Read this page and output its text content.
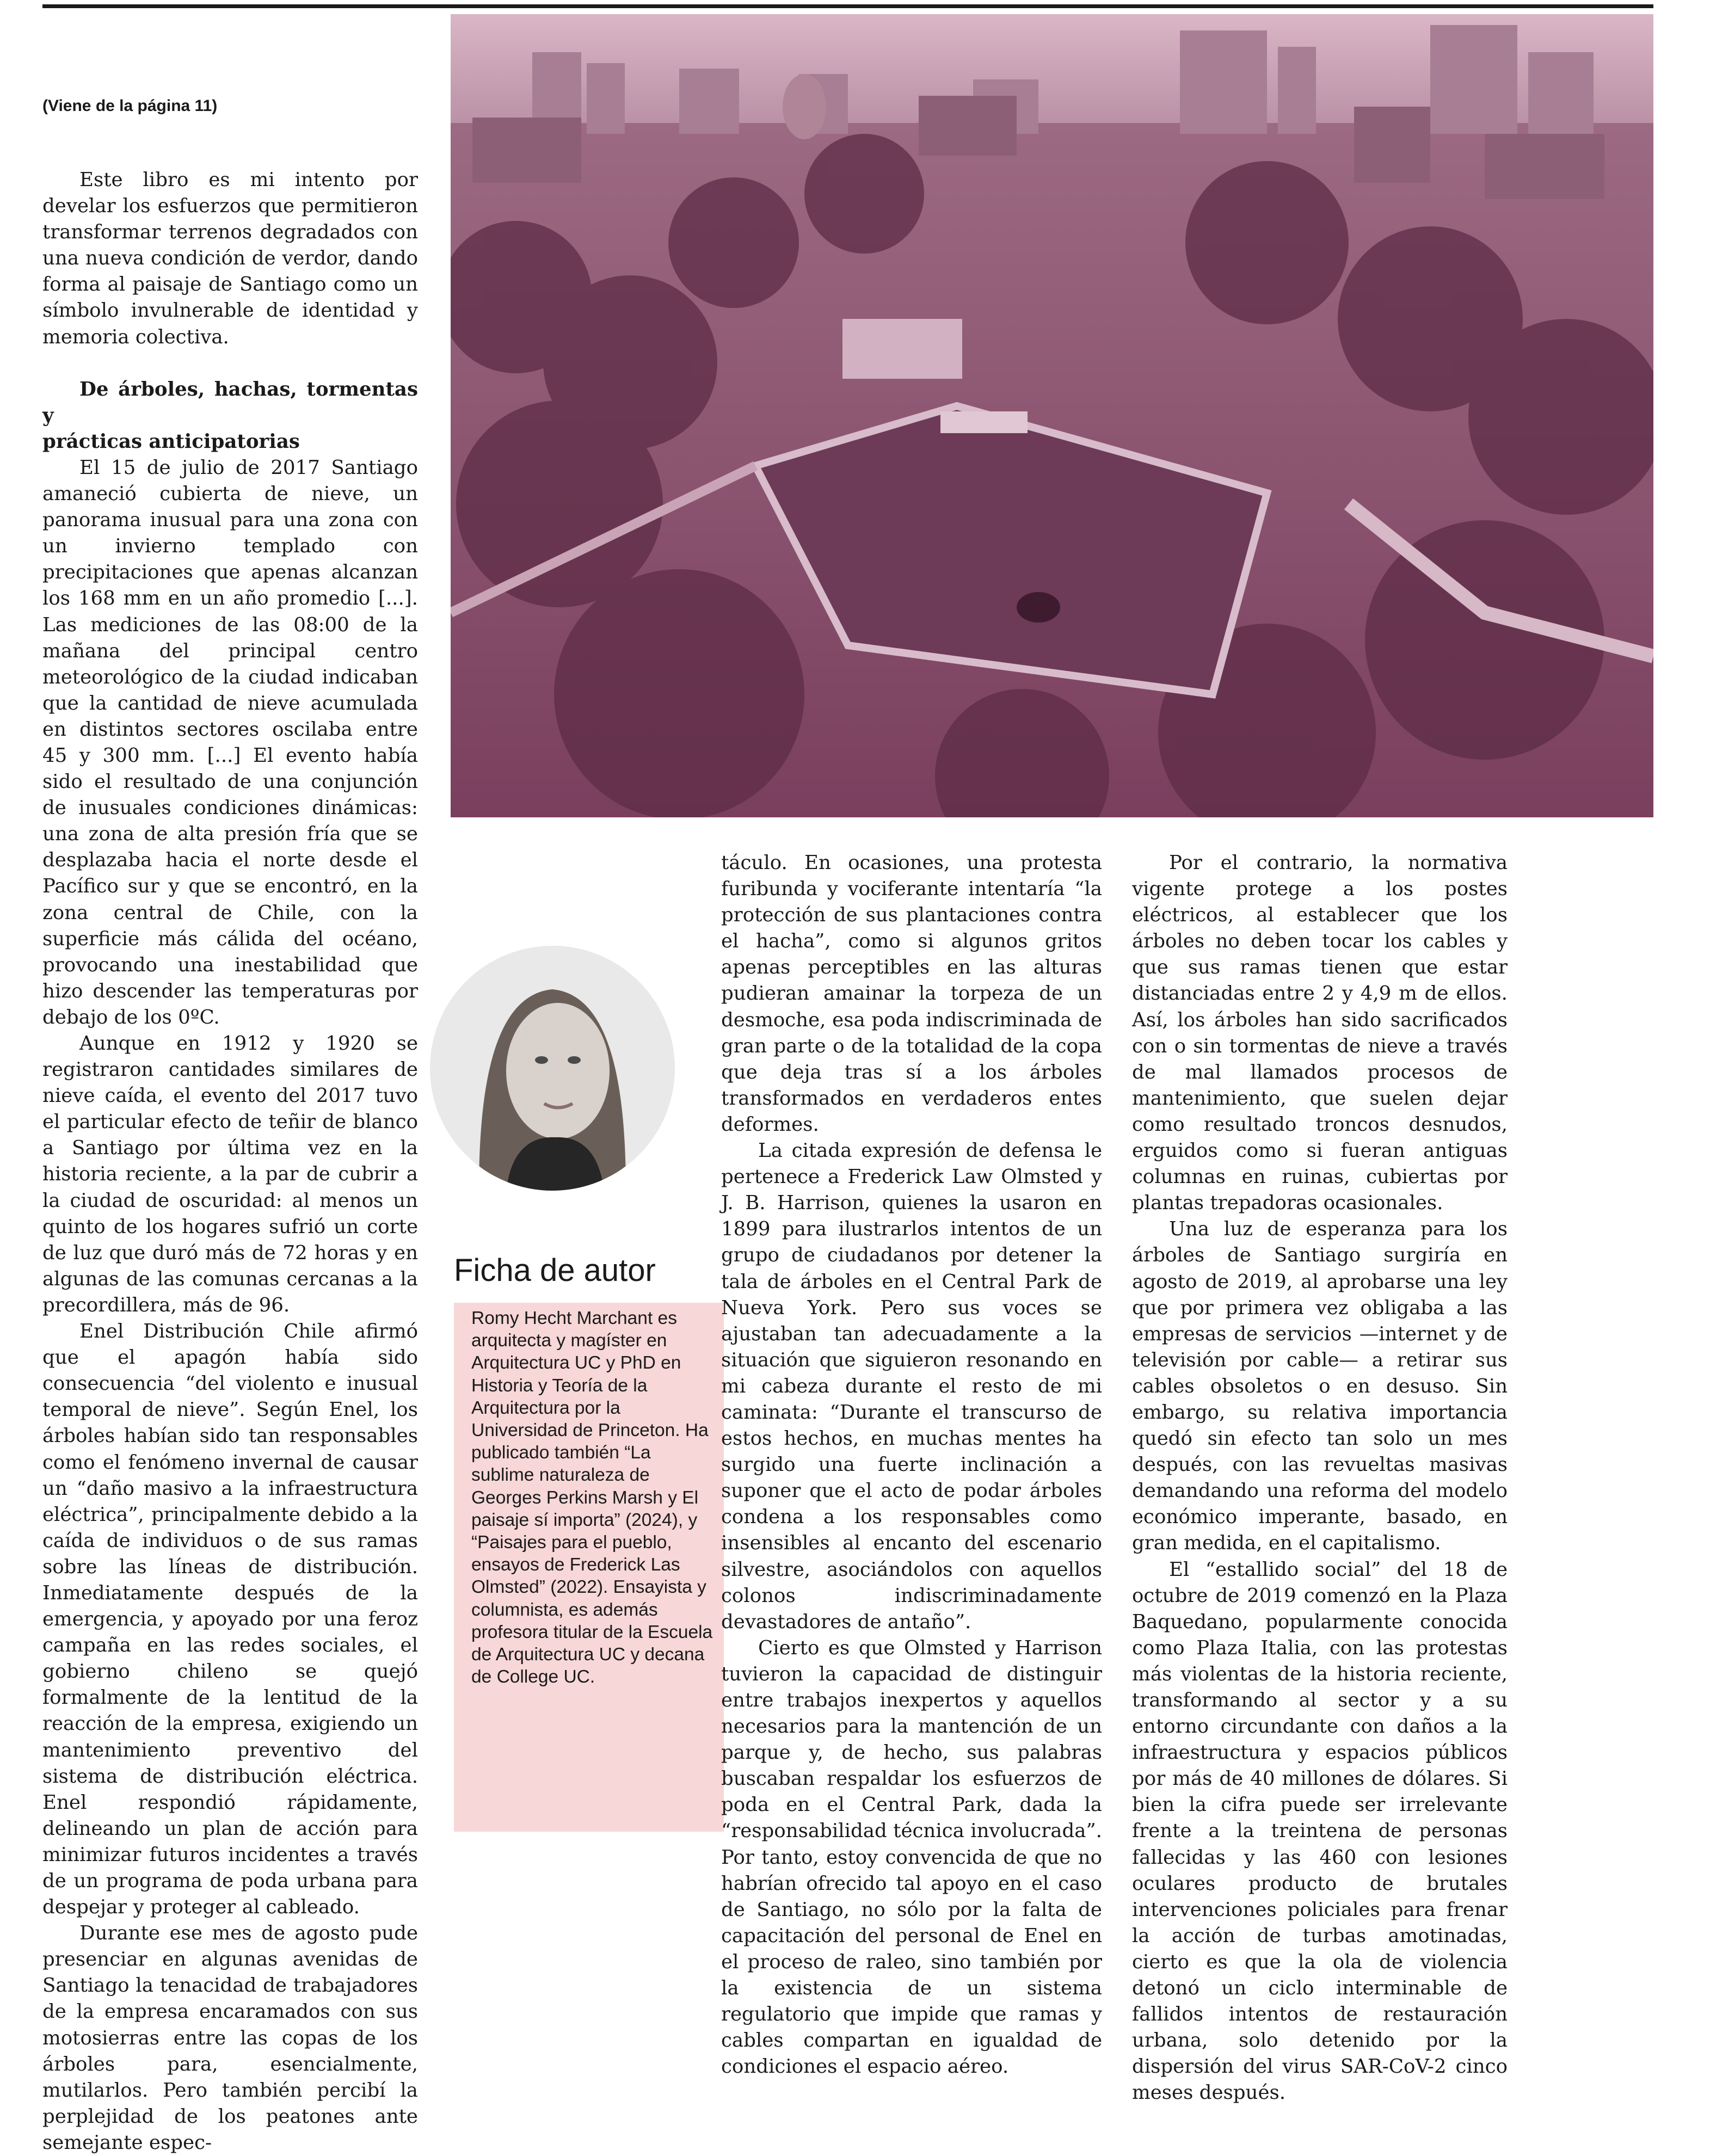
(Viene de la página 11)

Este libro es mi intento por develar los esfuerzos que permitieron transformar terrenos degradados con una nueva condición de verdor, dando forma al paisaje de Santiago como un símbolo invulnerable de identidad y memoria colectiva.

De árboles, hachas, tormentas y

prácticas anticipatorias

El 15 de julio de 2017 Santiago amaneció cubierta de nieve, un panorama inusual para una zona con un invierno templado con precipitaciones que apenas alcanzan los 168 mm en un año promedio [...]. Las mediciones de las 08:00 de la mañana del principal centro meteorológico de la ciudad indicaban que la cantidad de nieve acumulada en distintos sectores oscilaba entre 45 y 300 mm. [...] El evento había sido el resultado de una conjunción de inusuales condiciones dinámicas: una zona de alta presión fría que se desplazaba hacia el norte desde el Pacífico sur y que se encontró, en la zona central de Chile, con la superficie más cálida del océano, provocando una inestabilidad que hizo descender las temperaturas por debajo de los 0ºC.

Aunque en 1912 y 1920 se registraron cantidades similares de nieve caída, el evento del 2017 tuvo el particular efecto de teñir de blanco a Santiago por última vez en la historia reciente, a la par de cubrir a la ciudad de oscuridad: al menos un quinto de los hogares sufrió un corte de luz que duró más de 72 horas y en algunas de las comunas cercanas a la precordillera, más de 96.

Enel Distribución Chile afirmó que el apagón había sido consecuencia “del violento e inusual temporal de nieve”. Según Enel, los árboles habían sido tan responsables como el fenómeno invernal de causar un “daño masivo a la infraestructura eléctrica”, principalmente debido a la caída de individuos o de sus ramas sobre las líneas de distribución. Inmediatamente después de la emergencia, y apoyado por una feroz campaña en las redes sociales, el gobierno chileno se quejó formalmente de la lentitud de la reacción de la empresa, exigiendo un mantenimiento preventivo del sistema de distribución eléctrica. Enel respondió rápidamente, delineando un plan de acción para minimizar futuros incidentes a través de un programa de poda urbana para despejar y proteger al cableado.

Durante ese mes de agosto pude presenciar en algunas avenidas de Santiago la tenacidad de trabajadores de la empresa encaramados con sus motosierras entre las copas de los árboles para, esencialmente, mutilarlos. Pero también percibí la perplejidad de los peatones ante semejante espec-

Ficha de autor
Romy Hecht Marchant es arquitecta y magíster en Arquitectura UC y PhD en Historia y Teoría de la Arquitectura por la Universidad de Princeton. Ha publicado también “La sublime naturaleza de Georges Perkins Marsh y El paisaje sí importa” (2024), y “Paisajes para el pueblo, ensayos de Frederick Las Olmsted” (2022). Ensayista y columnista, es además profesora titular de la Escuela de Arquitectura UC y decana de College UC.

táculo. En ocasiones, una protesta furibunda y vociferante intentaría “la protección de sus plantaciones contra el hacha”, como si algunos gritos apenas perceptibles en las alturas pudieran amainar la torpeza de un desmoche, esa poda indiscriminada de gran parte o de la totalidad de la copa que deja tras sí a los árboles transformados en verdaderos entes deformes.

La citada expresión de defensa le pertenece a Frederick Law Olmsted y J. B. Harrison, quienes la usaron en 1899 para ilustrarlos intentos de un grupo de ciudadanos por detener la tala de árboles en el Central Park de Nueva York. Pero sus voces se ajustaban tan adecuadamente a la situación que siguieron resonando en mi cabeza durante el resto de mi caminata: “Durante el transcurso de estos hechos, en muchas mentes ha surgido una fuerte inclinación a suponer que el acto de podar árboles condena a los responsables como insensibles al encanto del escenario silvestre, asociándolos con aquellos colonos indiscriminadamente devastadores de antaño”.

Cierto es que Olmsted y Harrison tuvieron la capacidad de distinguir entre trabajos inexpertos y aquellos necesarios para la mantención de un parque y, de hecho, sus palabras buscaban respaldar los esfuerzos de poda en el Central Park, dada la “responsabilidad técnica involucrada”. Por tanto, estoy convencida de que no habrían ofrecido tal apoyo en el caso de Santiago, no sólo por la falta de capacitación del personal de Enel en el proceso de raleo, sino también por la existencia de un sistema regulatorio que impide que ramas y cables compartan en igualdad de condiciones el espacio aéreo.

Por el contrario, la normativa vigente protege a los postes eléctricos, al establecer que los árboles no deben tocar los cables y que sus ramas tienen que estar distanciadas entre 2 y 4,9 m de ellos. Así, los árboles han sido sacrificados con o sin tormentas de nieve a través de mal llamados procesos de mantenimiento, que suelen dejar como resultado troncos desnudos, erguidos como si fueran antiguas columnas en ruinas, cubiertas por plantas trepadoras ocasionales.

Una luz de esperanza para los árboles de Santiago surgiría en agosto de 2019, al aprobarse una ley que por primera vez obligaba a las empresas de servicios —internet y de televisión por cable— a retirar sus cables obsoletos o en desuso. Sin embargo, su relativa importancia quedó sin efecto tan solo un mes después, con las revueltas masivas demandando una reforma del modelo económico imperante, basado, en gran medida, en el capitalismo.

El “estallido social” del 18 de octubre de 2019 comenzó en la Plaza Baquedano, popularmente conocida como Plaza Italia, con las protestas más violentas de la historia reciente, transformando al sector y a su entorno circundante con daños a la infraestructura y espacios públicos por más de 40 millones de dólares. Si bien la cifra puede ser irrelevante frente a la treintena de personas fallecidas y las 460 con lesiones oculares producto de brutales intervenciones policiales para frenar la acción de turbas amotinadas, cierto es que la ola de violencia detonó un ciclo interminable de fallidos intentos de restauración urbana, solo detenido por la dispersión del virus SAR-CoV-2 cinco meses después.
